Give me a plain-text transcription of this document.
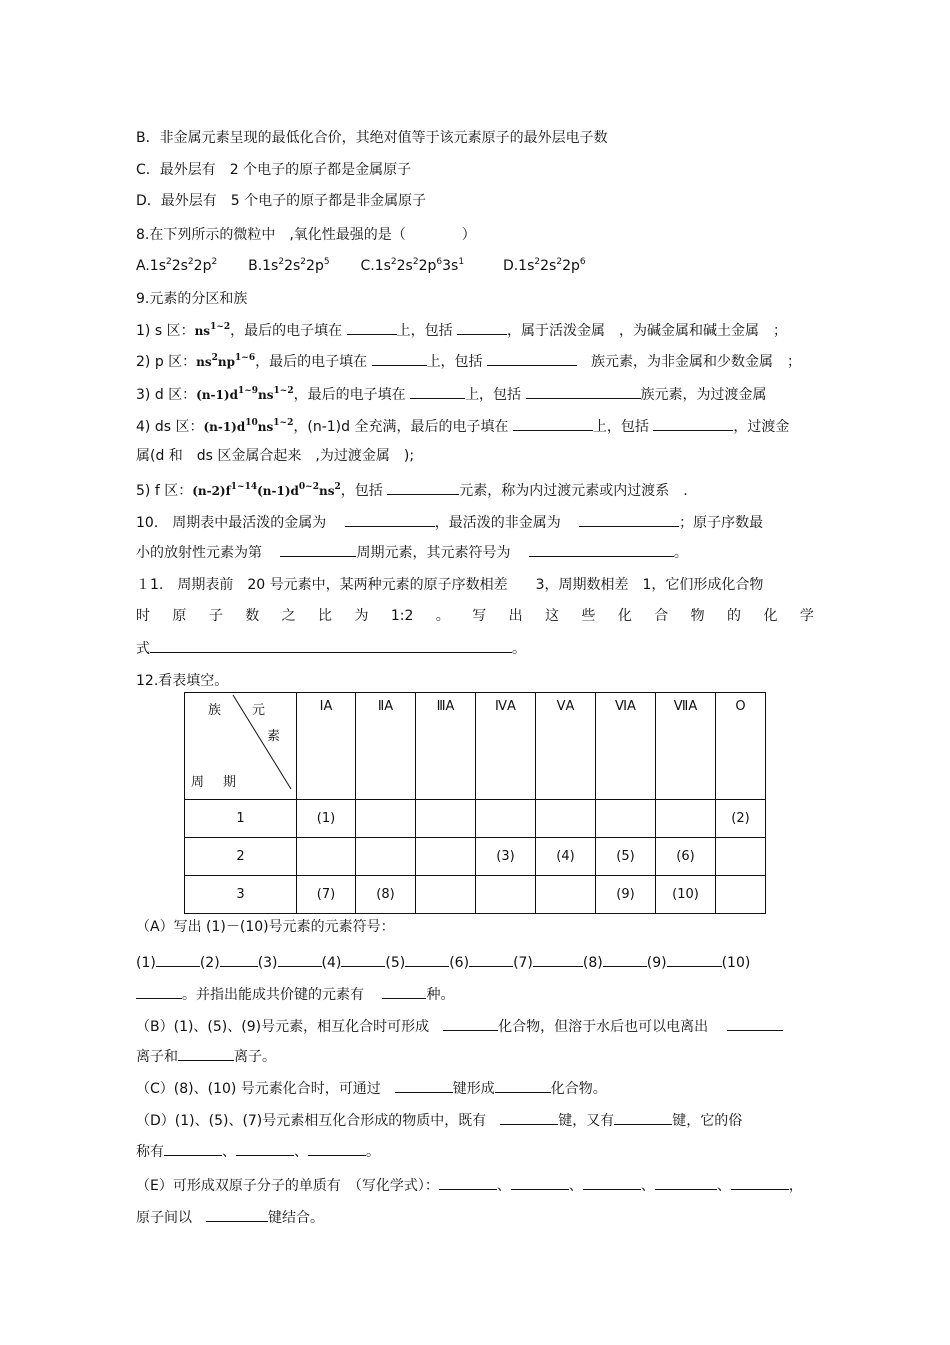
B．非金属元素呈现的最低化合价，其绝对值等于该元素原子的最外层电子数
C．最外层有　2 个电子的原子都是金属原子
D．最外层有　5 个电子的原子都是非金属原子
8.在下列所示的微粒中　,氧化性最强的是（　　　　）
$A.1s^22s^22p^2$ $B.1s^22s^22p^5$ $C.1s^22s^22p^63s^1$	$D.1s^22s^22p^6$
9.元素的分区和族
1) s 区：$ns^{1\sim 2}$，最后的电子填在	上，包括	，属于活泼金属　，为碱金属和碱土金属　；
2) p 区：$ns^2np^{1\sim 6}$，最后的电子填在	上，包括 　	族元素，为非金属和少数金属　；
3) d 区：$(n-1)d^{1\sim 9}ns^{1\sim 2}$，最后的电子填在	上，包括	族元素，为过渡金属
4) ds 区：$(n-1)d^{10}ns^{1\sim 2}$，(n-1)d 全充满，最后的电子填在	上，包括	，过渡金
属(d 和　ds 区金属合起来　,为过渡金属　);
5) f 区：$(n-2)f^{1\sim 14}(n-1)d^{0\sim 2}ns^2$，包括	元素，称为内过渡元素或内过渡系　.
10.　周期表中最活泼的金属为　	，最活泼的非金属为　	；原子序数最
小的放射性元素为第　	周期元素，其元素符号为　	。
１1.　周期表前　20 号元素中，某两种元素的原子序数相差　　3，周期数相差　1，它们形成化合物
时 原 子 数 之 比 为 1:2 。 写 出 这 些 化 合 物 的 化 学
式	。
12.看表填空。
族 元
素
周 期	ⅠA	ⅡA	ⅢA	ⅣA	ⅤA	ⅥA	ⅦA	O
1	(1)							(2)
2				(3)	(4)	(5)	(6)	
3	(7)	(8)				(9)	(10)	
（A）写出 (1)－(10)号元素的元素符号：
(1)	(2)	(3)	(4)	(5)	(6)	(7)	(8)	(9)	(10)
。并指出能成共价键的元素有　	种。
（B）(1)、(5)、(9)号元素，相互化合时可形成　	化合物，但溶于水后也可以电离出　
离子和	离子。
（C）(8)、(10) 号元素化合时，可通过　	键形成	化合物。
（D）(1)、(5)、(7)号元素相互化合形成的物质中，既有　	键，又有	键，它的俗
称有	、	、	。
（E）可形成双原子分子的单质有　（写化学式）：	、	、	、	、	，
原子间以　	键结合。
